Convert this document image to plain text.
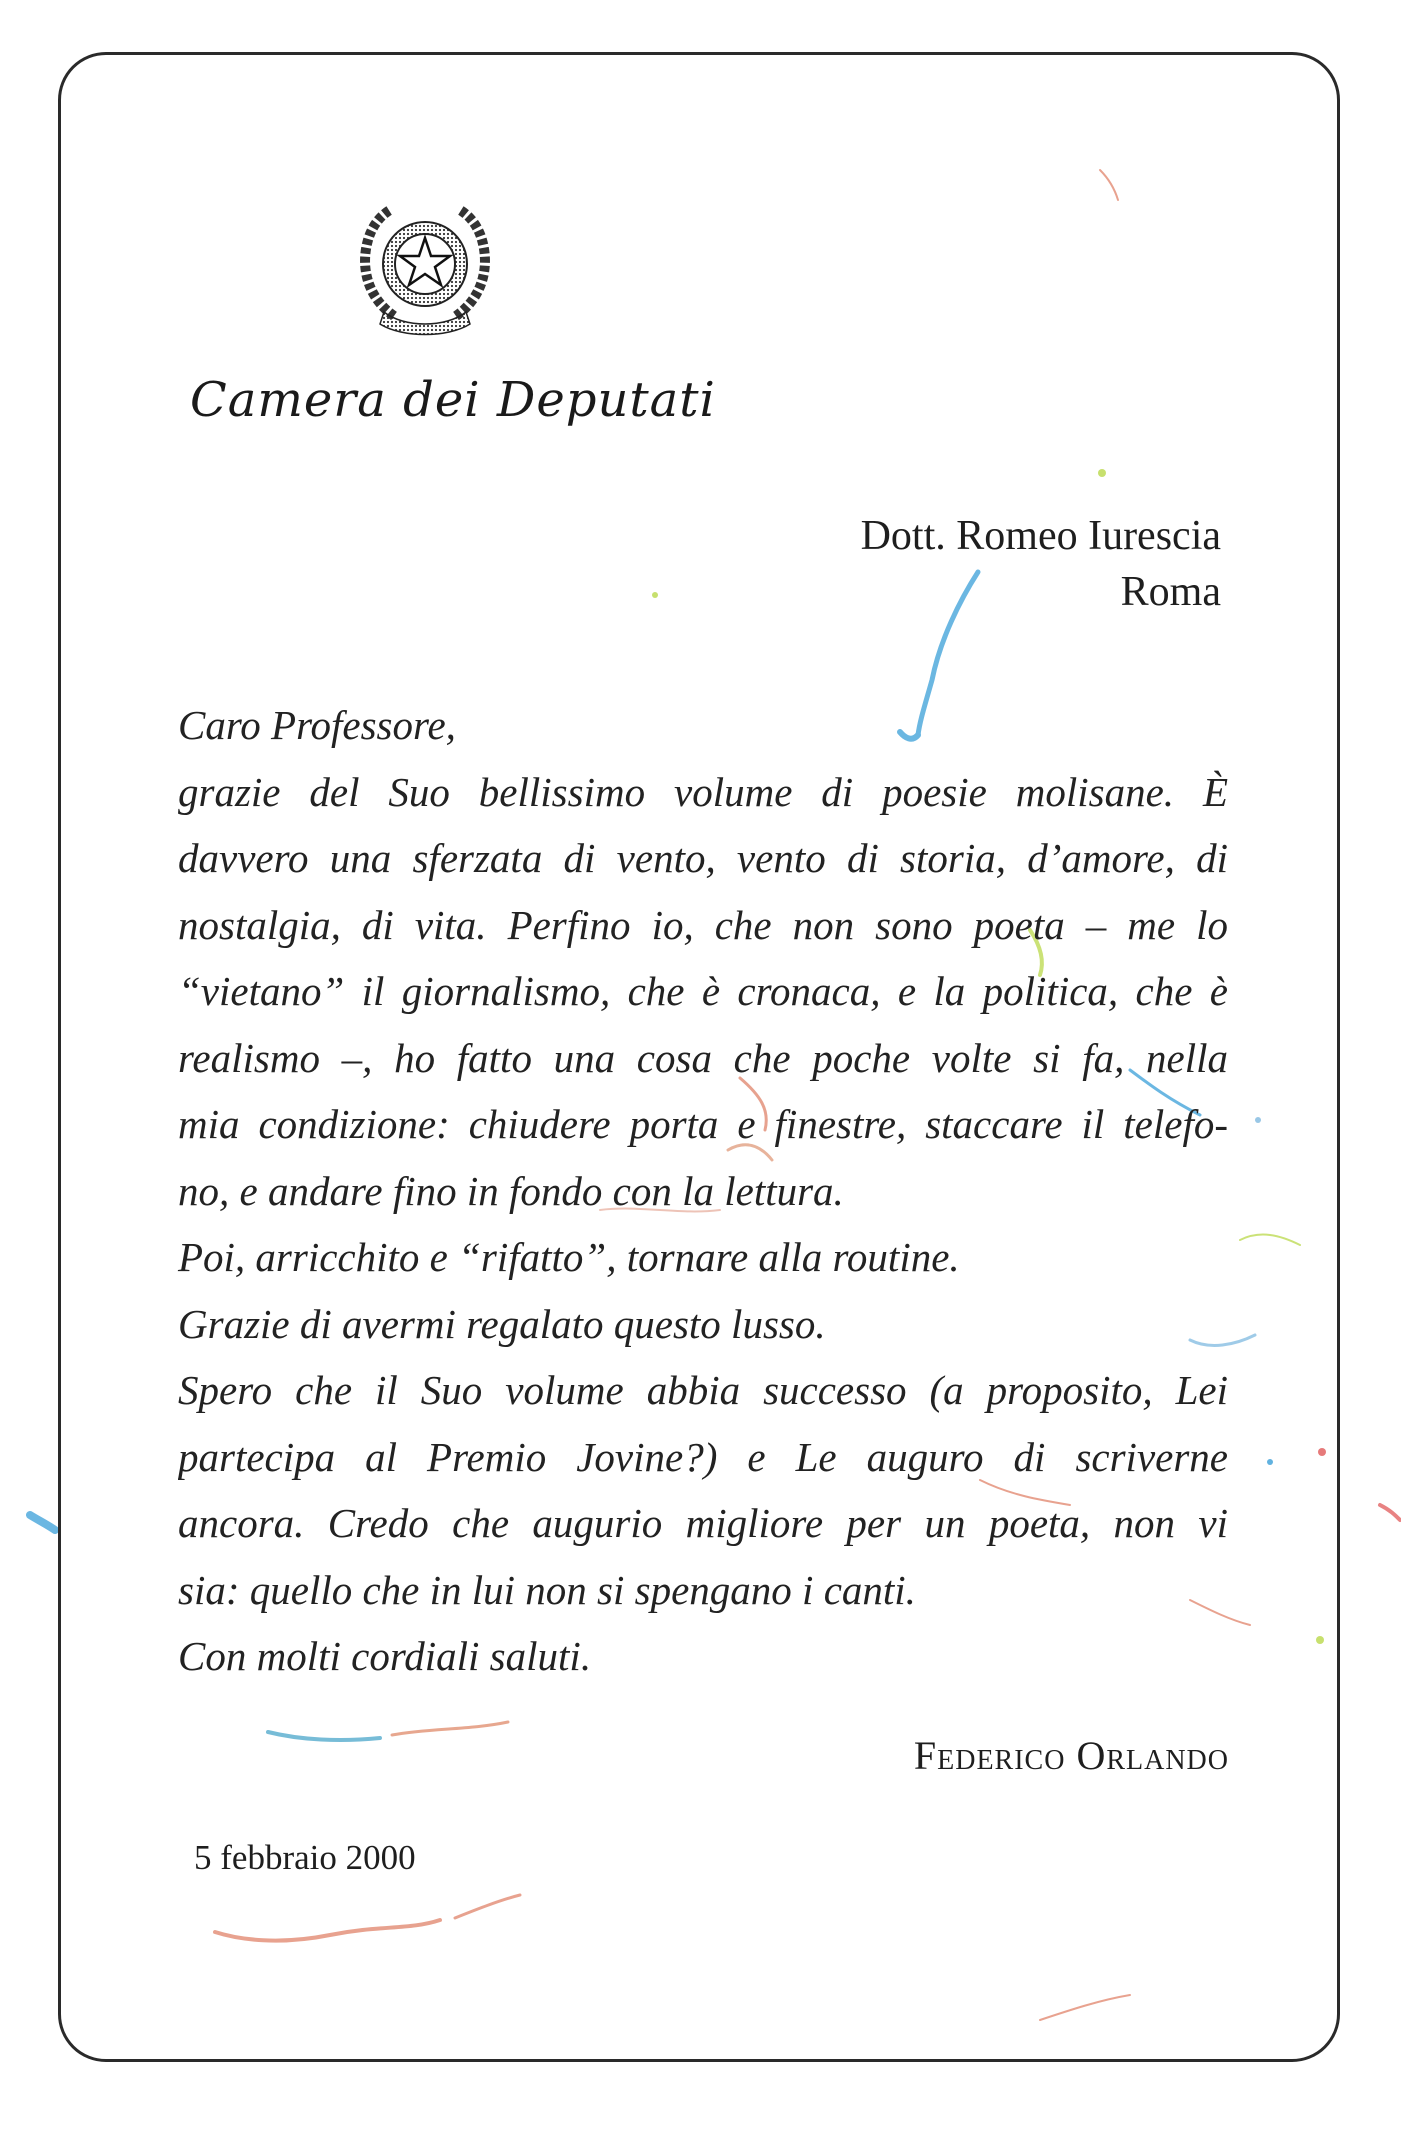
Camera dei Deputati
Dott. Romeo Iurescia
Roma
Caro Professore,
grazie del Suo bellissimo volume di poesie molisane. È
davvero una sferzata di vento, vento di storia, d’amore, di
nostalgia, di vita. Perfino io, che non sono poeta – me lo
“vietano” il giornalismo, che è cronaca, e la politica, che è
realismo –, ho fatto una cosa che poche volte si fa, nella
mia condizione: chiudere porta e finestre, staccare il telefo-
no, e andare fino in fondo con la lettura.
Poi, arricchito e “rifatto”, tornare alla routine.
Grazie di avermi regalato questo lusso.
Spero che il Suo volume abbia successo (a proposito, Lei
partecipa al Premio Jovine?) e Le auguro di scriverne
ancora. Credo che augurio migliore per un poeta, non vi
sia: quello che in lui non si spengano i canti.
Con molti cordiali saluti.
Federico Orlando
5 febbraio 2000
